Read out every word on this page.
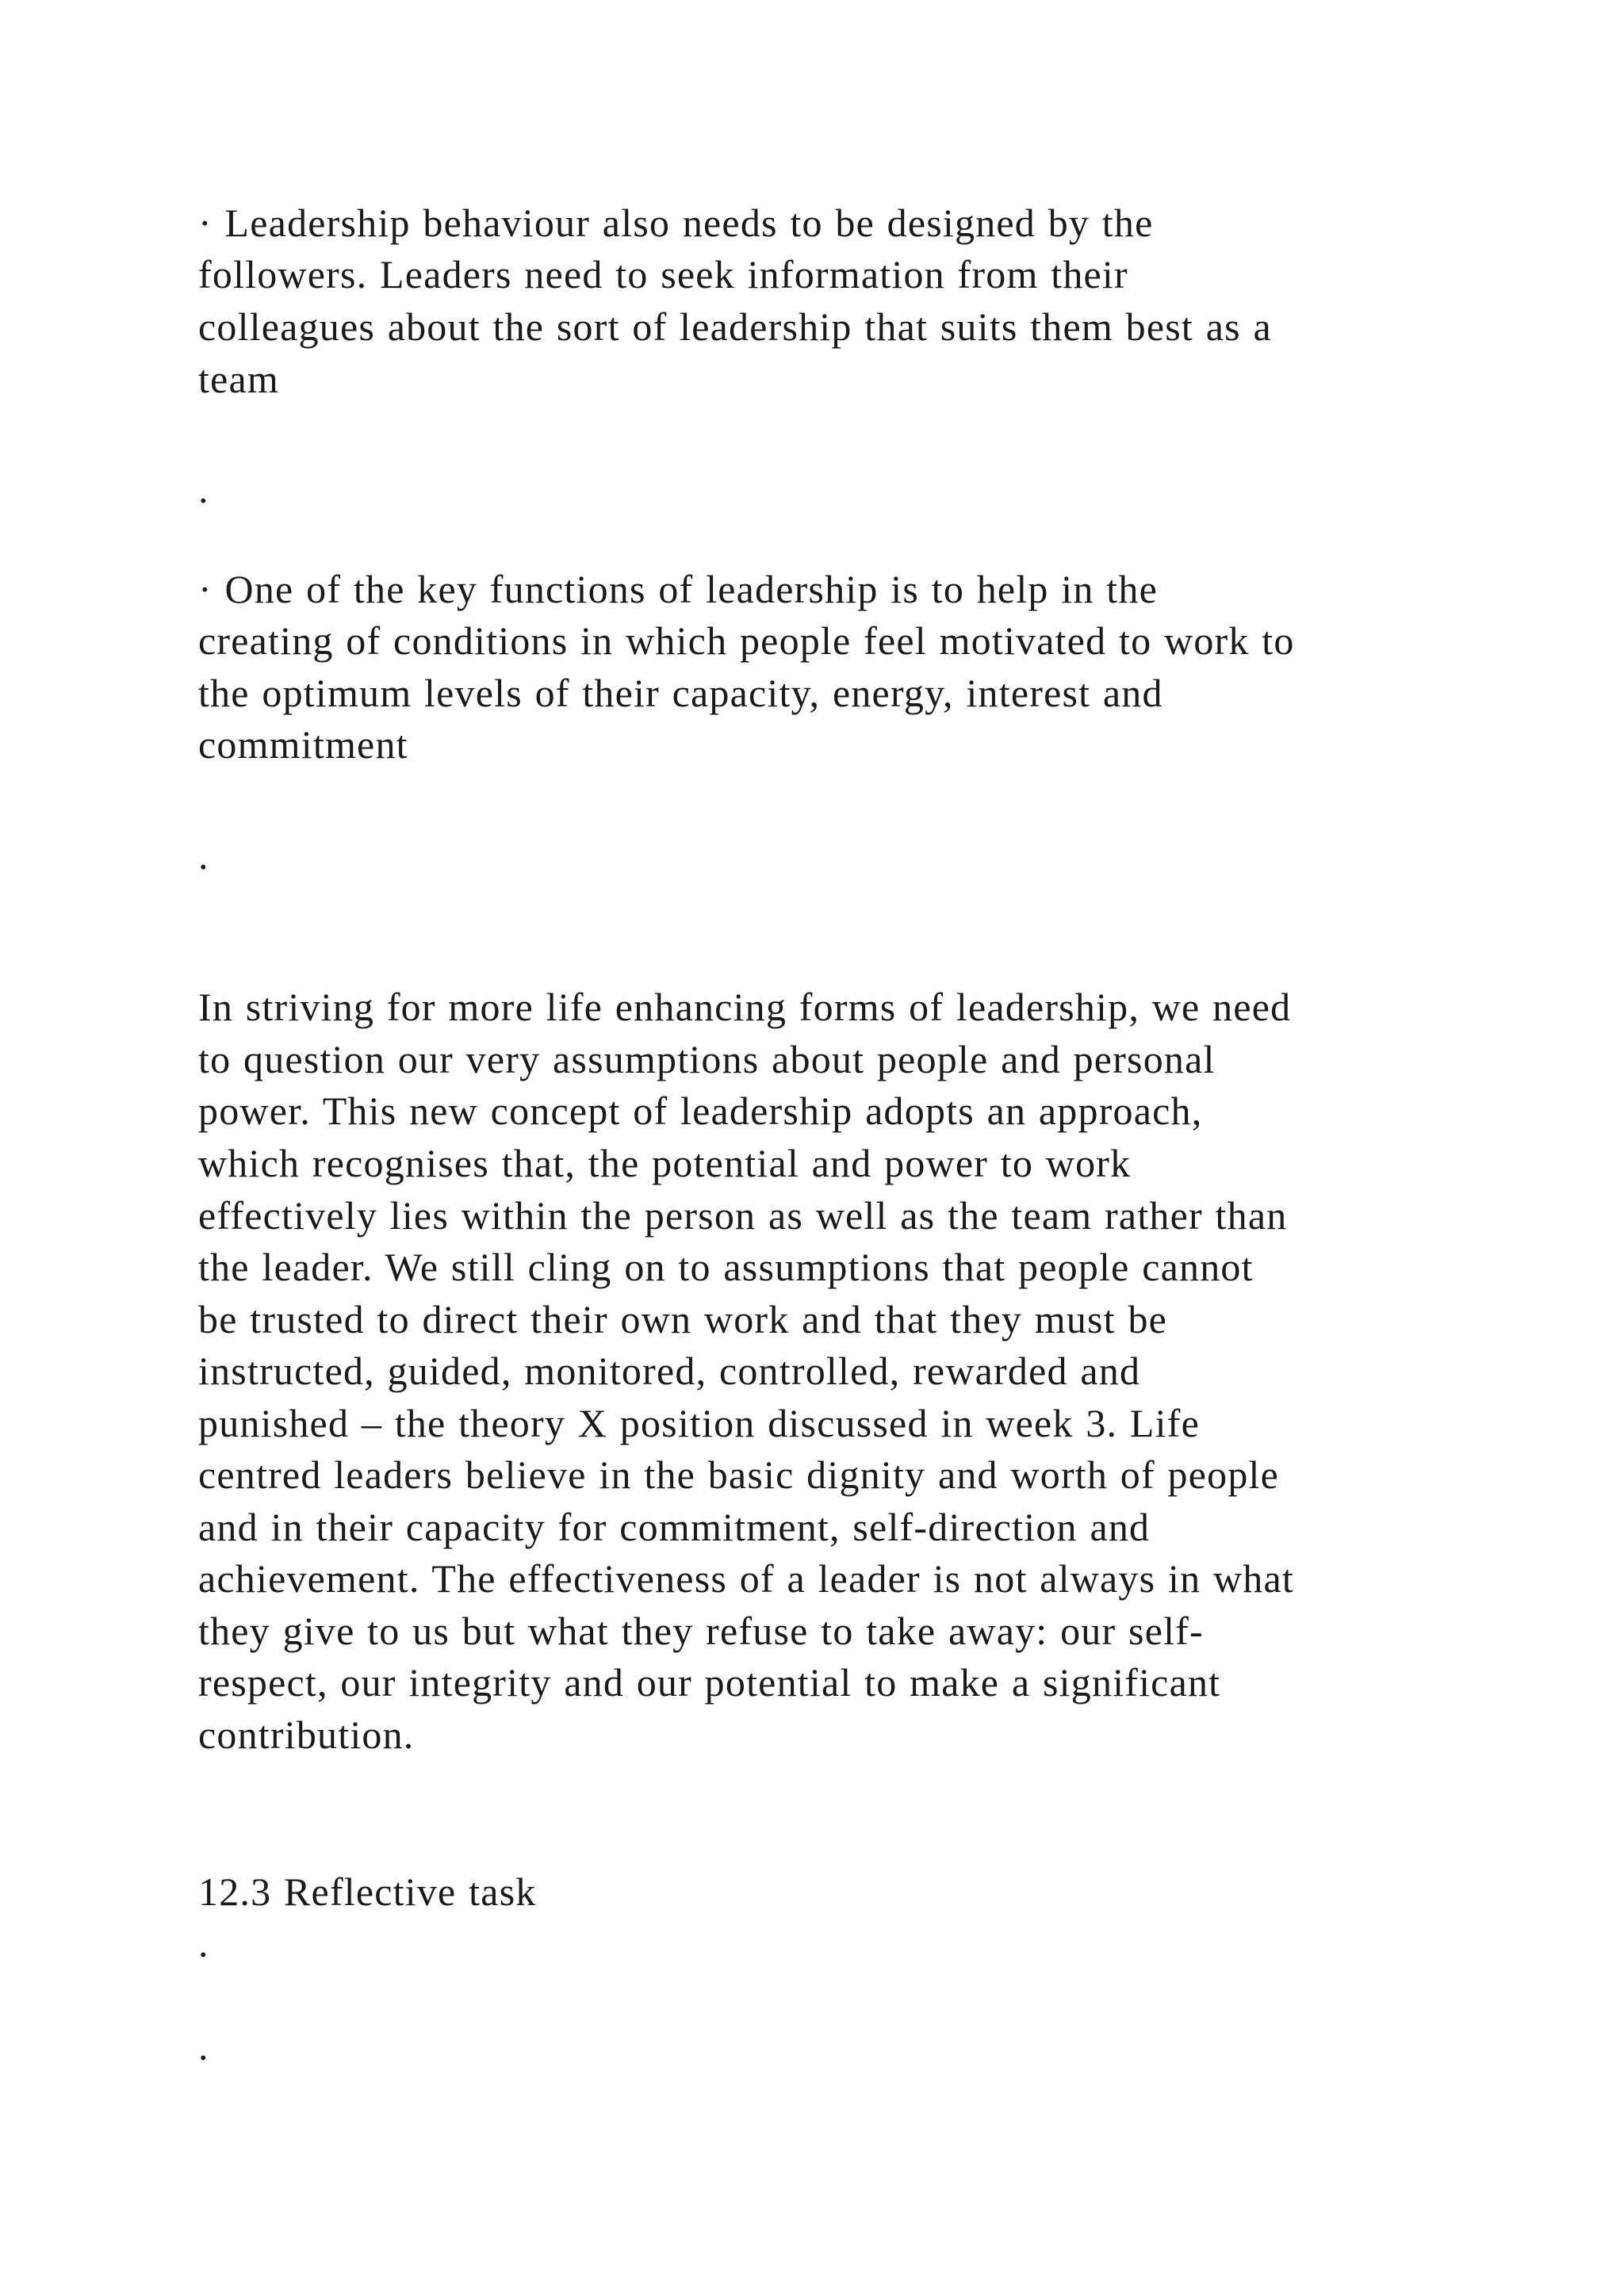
· Leadership behaviour also needs to be designed by the

followers. Leaders need to seek information from their

colleagues about the sort of leadership that suits them best as a

team

.

· One of the key functions of leadership is to help in the

creating of conditions in which people feel motivated to work to

the optimum levels of their capacity, energy, interest and

commitment

.

In striving for more life enhancing forms of leadership, we need

to question our very assumptions about people and personal

power. This new concept of leadership adopts an approach,

which recognises that, the potential and power to work

effectively lies within the person as well as the team rather than

the leader. We still cling on to assumptions that people cannot

be trusted to direct their own work and that they must be

instructed, guided, monitored, controlled, rewarded and

punished – the theory X position discussed in week 3. Life

centred leaders believe in the basic dignity and worth of people

and in their capacity for commitment, self-direction and

achievement. The effectiveness of a leader is not always in what

they give to us but what they refuse to take away: our self-

respect, our integrity and our potential to make a significant

contribution.

12.3 Reflective task

.

.
